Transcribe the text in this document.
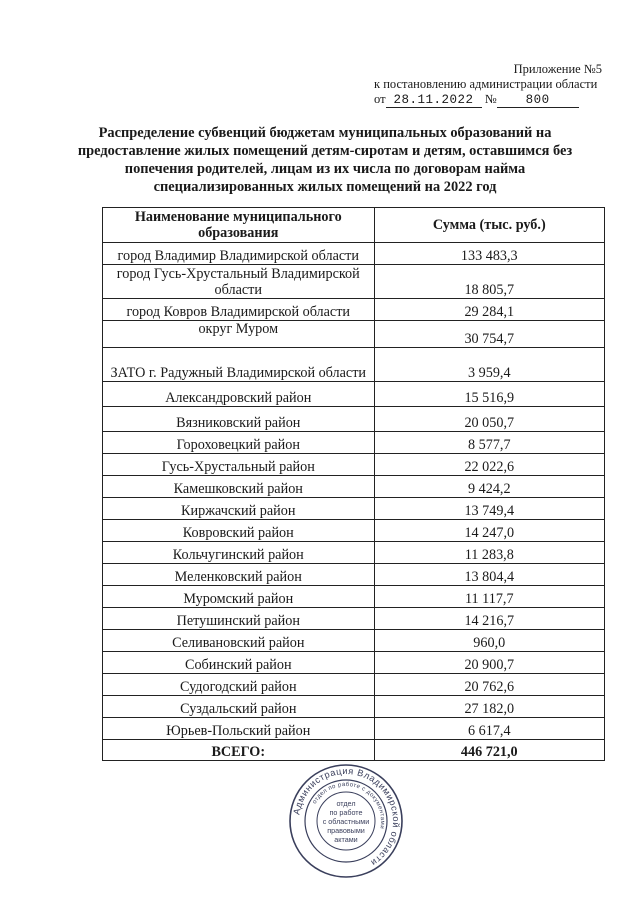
Приложение №5
к постановлению администрации области
от 28.11.2022 № 800
Распределение субвенций бюджетам муниципальных образований на предоставление жилых помещений детям-сиротам и детям, оставшимся без попечения родителей, лицам из их числа по договорам найма специализированных жилых помещений на 2022 год
Наименование муниципального образования	Сумма (тыс. руб.)
город Владимир Владимирской области	133 483,3
город Гусь-Хрустальный Владимирской области	18 805,7
город Ковров Владимирской области	29 284,1
округ Муром	30 754,7
ЗАТО г. Радужный Владимирской области	3 959,4
Александровский район	15 516,9
Вязниковский район	20 050,7
Гороховецкий район	8 577,7
Гусь-Хрустальный район	22 022,6
Камешковский район	9 424,2
Киржачский район	13 749,4
Ковровский район	14 247,0
Кольчугинский район	11 283,8
Меленковский район	13 804,4
Муромский район	11 117,7
Петушинский район	14 216,7
Селивановский район	960,0
Собинский район	20 900,7
Судогодский район	20 762,6
Суздальский район	27 182,0
Юрьев-Польский район	6 617,4
ВСЕГО:	446 721,0
Администрация Владимирской области
отдел по работе с документами
отдел
по работе
с областными
правовыми
актами
